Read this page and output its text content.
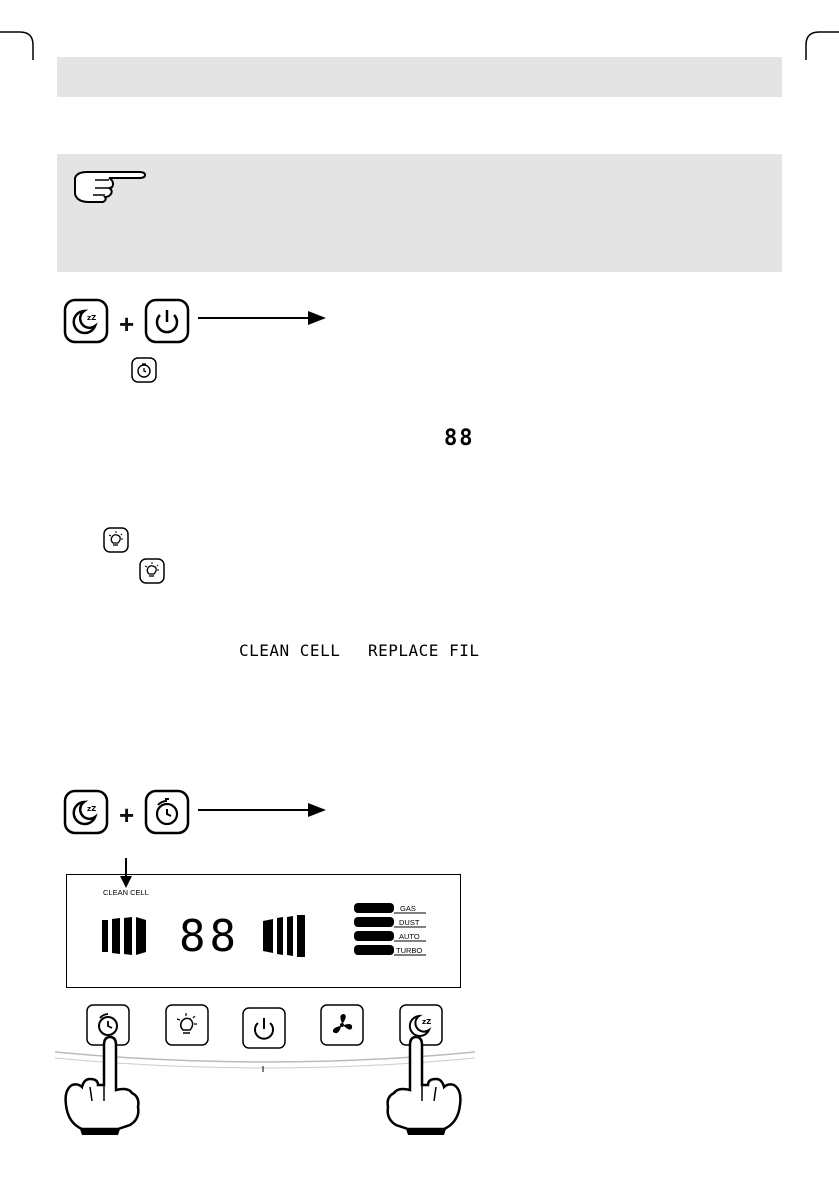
zZ +
88
CLEAN CELL REPLACE FIL
zZ +
CLEAN CELL
88
GAS
DUST
AUTO
TURBO
zZ
